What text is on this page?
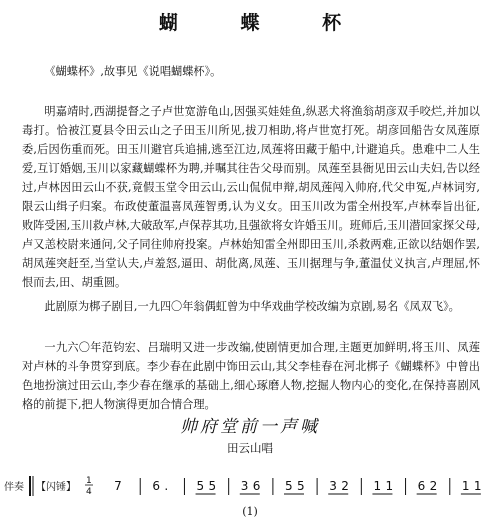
蝴 蝶 杯

《蝴蝶杯》,故事见《说唱蝴蝶杯》。

明嘉靖时,西湖提督之子卢世宽游龟山,因强买娃娃鱼,纵恶犬将渔翁胡彦双手咬烂,并加以毒打。恰被江夏县令田云山之子田玉川所见,拔刀相助,将卢世宽打死。胡彦回船告女凤莲原委,后因伤重而死。田玉川避官兵追捕,逃至江边,凤莲将田藏于船中,计避追兵。患难中二人生爱,互订婚姻,玉川以家藏蝴蝶杯为聘,并嘱其往告父母而别。凤莲至县衙见田云山夫妇,告以经过,卢林因田云山不获,竟假玉堂令田云山,云山侃侃申辩,胡凤莲闯入帅府,代父申冤,卢林词穷,限云山缉子归案。布政使董温喜凤莲智勇,认为义女。田玉川改为雷全州投军,卢林奉旨出征,败阵受困,玉川救卢林,大破敌军,卢保荐其功,且强欲将女许婚玉川。班师后,玉川潜回家探父母,卢又恙校尉来通问,父子同往帅府投案。卢林始知雷全州即田玉川,杀救两难,正欲以结姻作罢,胡凤莲突赶至,当堂认夫,卢羞怒,逼田、胡仳离,凤莲、玉川据理与争,董温仗义执言,卢理屈,怀恨而去,田、胡重圆。

此剧原为梆子剧目,一九四〇年翁偶虹曾为中华戏曲学校改编为京剧,易名《凤双飞》。

一九六〇年范钧宏、吕瑞明又进一步改编,使剧情更加合理,主题更加鲜明,将玉川、凤莲对卢林的斗争贯穿到底。李少春在此剧中饰田云山,其父李桂春在河北梆子《蝴蝶杯》中曾出色地扮演过田云山,李少春在继承的基础上,细心琢磨人物,挖掘人物内心的变化,在保持喜剧风格的前提下,把人物演得更加合情合理。

帅府堂前一声喊
田云山唱
伴奏 【闪锤】
1
4 7	6 . 5 5 3 6 5 5 3 2 1 1 6 2 1 1
(1)
